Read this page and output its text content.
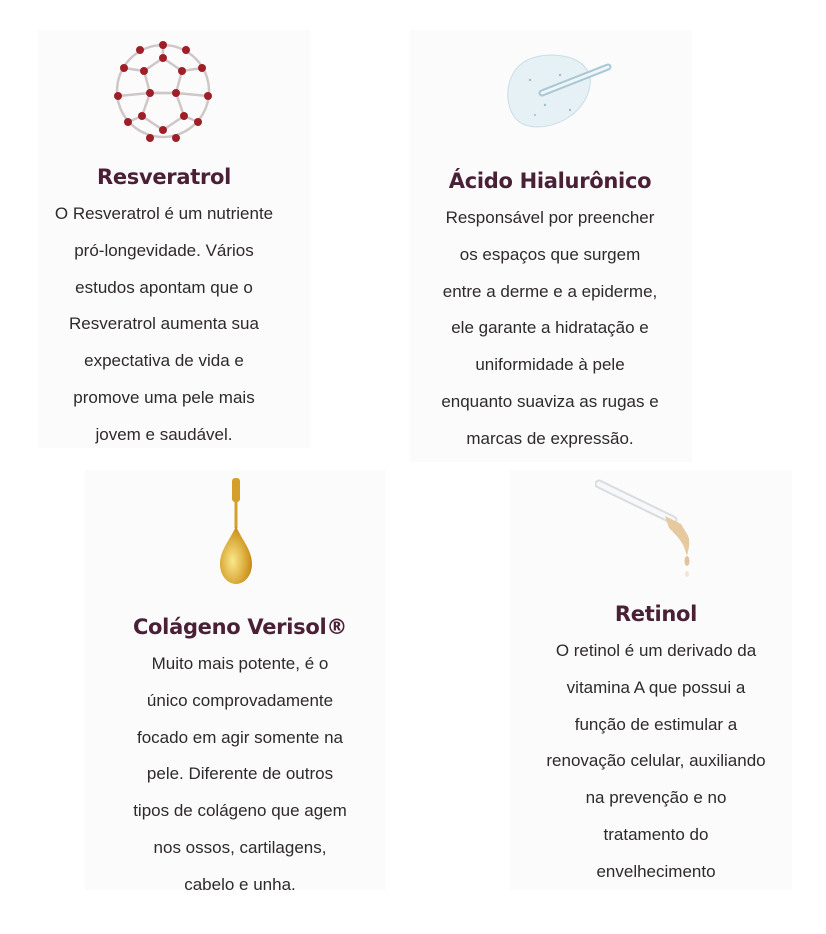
Resveratrol
O Resveratrol é um nutriente
pró-longevidade. Vários
estudos apontam que o
Resveratrol aumenta sua
expectativa de vida e
promove uma pele mais
jovem e saudável.
Ácido Hialurônico
Responsável por preencher
os espaços que surgem
entre a derme e a epiderme,
ele garante a hidratação e
uniformidade à pele
enquanto suaviza as rugas e
marcas de expressão.
Colágeno Verisol®
Muito mais potente, é o
único comprovadamente
focado em agir somente na
pele. Diferente de outros
tipos de colágeno que agem
nos ossos, cartilagens,
cabelo e unha.
Retinol
O retinol é um derivado da
vitamina A que possui a
função de estimular a
renovação celular, auxiliando
na prevenção e no
tratamento do
envelhecimento
